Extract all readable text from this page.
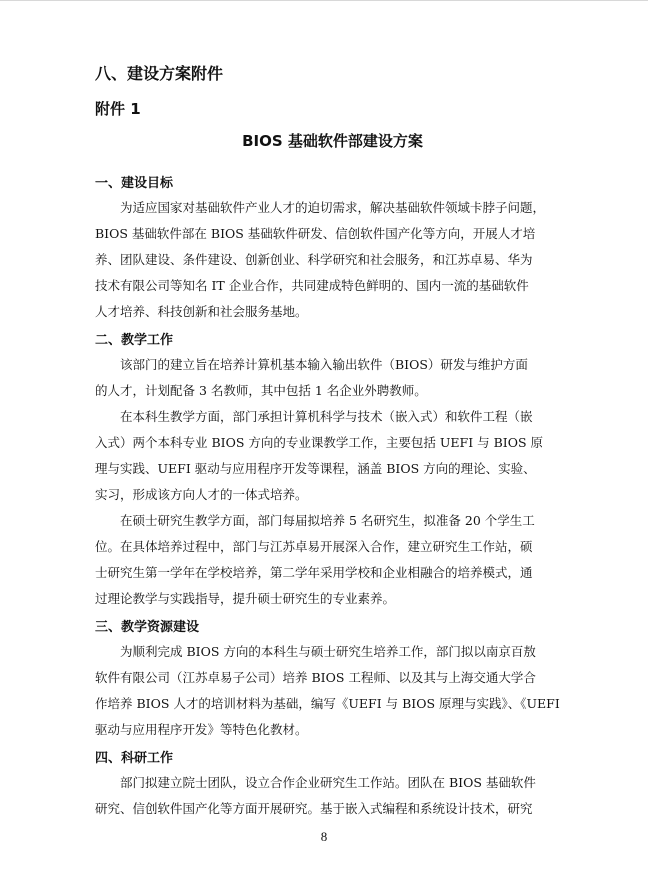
八、建设方案附件
附件 1
BIOS 基础软件部建设方案
一、建设目标
为适应国家对基础软件产业人才的迫切需求，解决基础软件领域卡脖子问题，
BIOS 基础软件部在 BIOS 基础软件研发、信创软件国产化等方向，开展人才培
养、团队建设、条件建设、创新创业、科学研究和社会服务，和江苏卓易、华为
技术有限公司等知名 IT 企业合作，共同建成特色鲜明的、国内一流的基础软件
人才培养、科技创新和社会服务基地。
二、教学工作
该部门的建立旨在培养计算机基本输入输出软件（BIOS）研发与维护方面
的人才，计划配备 3 名教师，其中包括 1 名企业外聘教师。
在本科生教学方面，部门承担计算机科学与技术（嵌入式）和软件工程（嵌
入式）两个本科专业 BIOS 方向的专业课教学工作，主要包括 UEFI 与 BIOS 原
理与实践、UEFI 驱动与应用程序开发等课程，涵盖 BIOS 方向的理论、实验、
实习，形成该方向人才的一体式培养。
在硕士研究生教学方面，部门每届拟培养 5 名研究生，拟准备 20 个学生工
位。在具体培养过程中，部门与江苏卓易开展深入合作，建立研究生工作站，硕
士研究生第一学年在学校培养，第二学年采用学校和企业相融合的培养模式，通
过理论教学与实践指导，提升硕士研究生的专业素养。
三、教学资源建设
为顺利完成 BIOS 方向的本科生与硕士研究生培养工作，部门拟以南京百敖
软件有限公司（江苏卓易子公司）培养 BIOS 工程师、以及其与上海交通大学合
作培养 BIOS 人才的培训材料为基础，编写《UEFI 与 BIOS 原理与实践》、《UEFI
驱动与应用程序开发》等特色化教材。
四、科研工作
部门拟建立院士团队，设立合作企业研究生工作站。团队在 BIOS 基础软件
研究、信创软件国产化等方面开展研究。基于嵌入式编程和系统设计技术，研究
8
